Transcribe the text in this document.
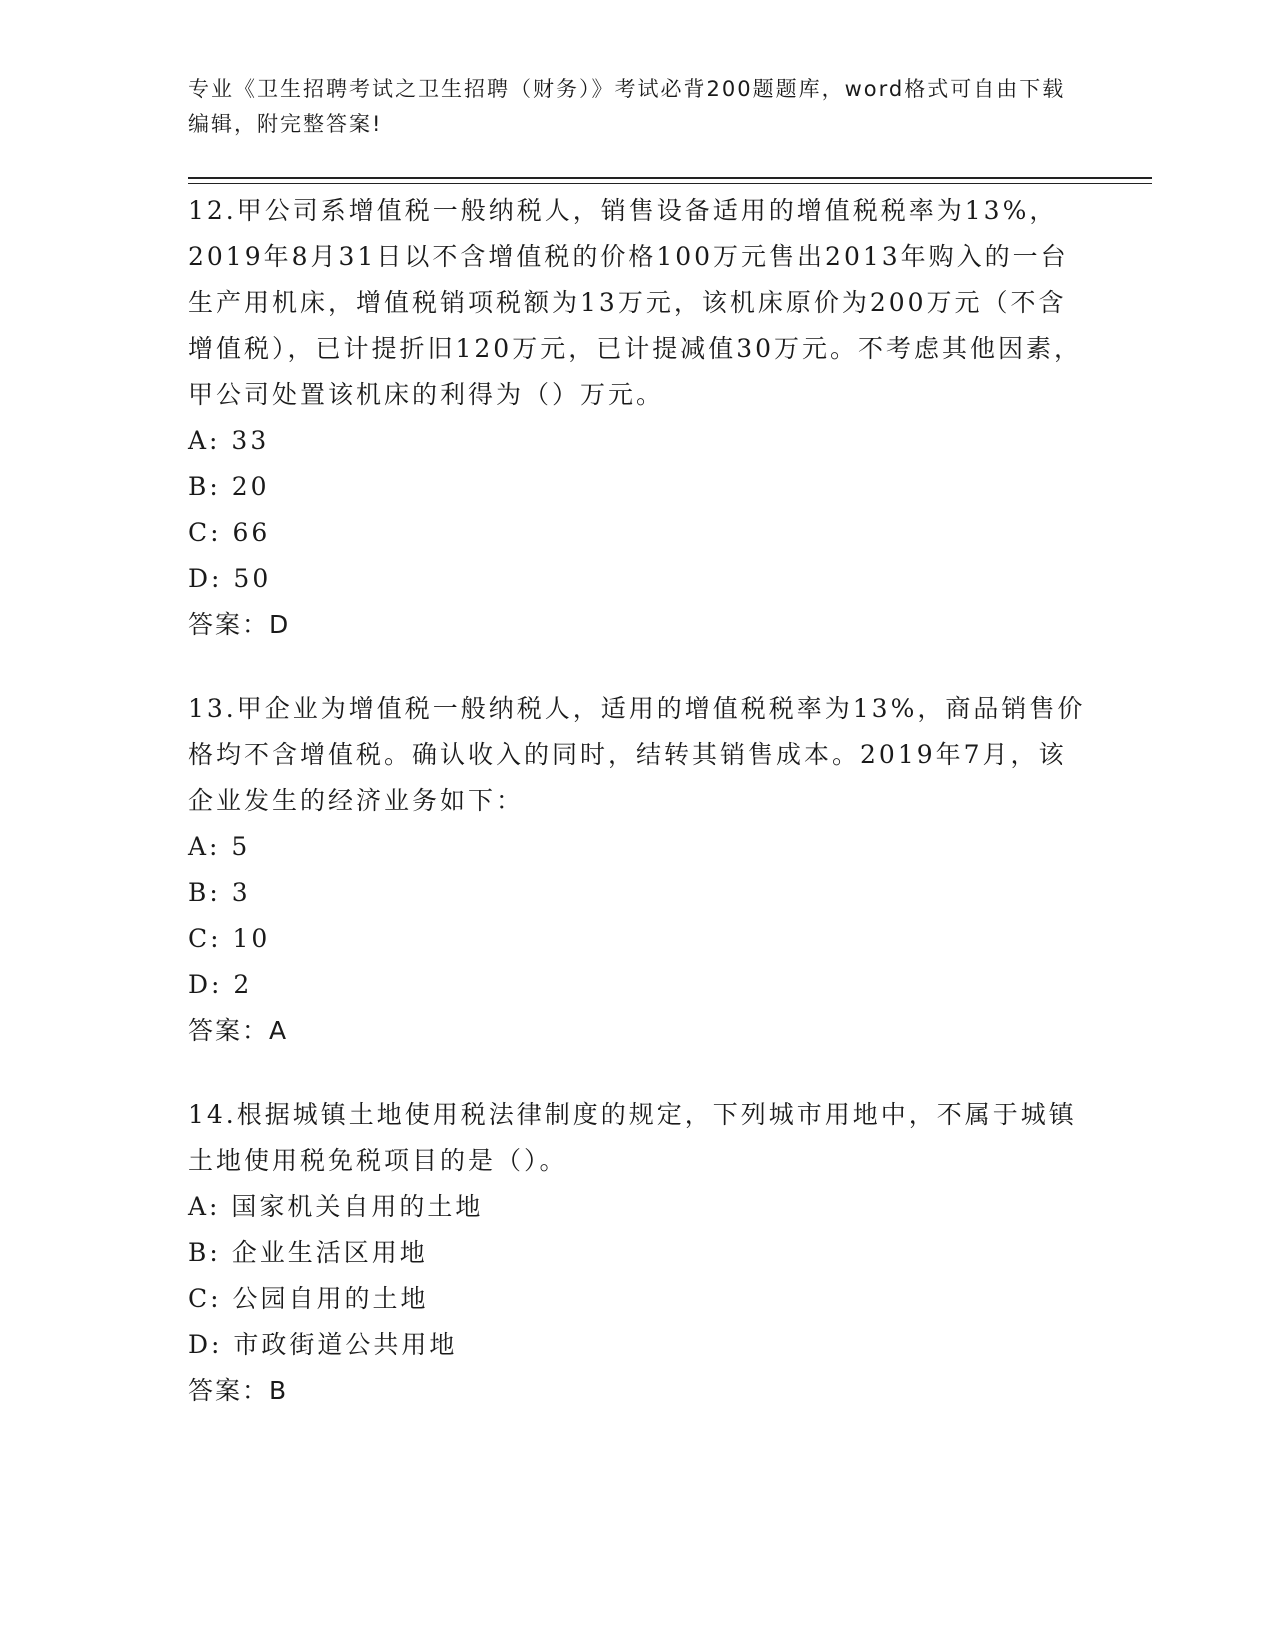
专业《卫生招聘考试之卫生招聘（财务）》考试必背200题题库，word格式可自由下载编辑，附完整答案!

12.甲公司系增值税一般纳税人，销售设备适用的增值税税率为13%，2019年8月31日以不含增值税的价格100万元售出2013年购入的一台生产用机床，增值税销项税额为13万元，该机床原价为200万元（不含增值税），已计提折旧120万元，已计提减值30万元。不考虑其他因素，甲公司处置该机床的利得为（）万元。

A: 33

B: 20

C: 66

D: 50

答案：D

13.甲企业为增值税一般纳税人，适用的增值税税率为13%，商品销售价格均不含增值税。确认收入的同时，结转其销售成本。2019年7月，该企业发生的经济业务如下：

A: 5

B: 3

C: 10

D: 2

答案：A

14.根据城镇土地使用税法律制度的规定，下列城市用地中，不属于城镇土地使用税免税项目的是（）。

A: 国家机关自用的土地

B: 企业生活区用地

C: 公园自用的土地

D: 市政街道公共用地

答案：B
